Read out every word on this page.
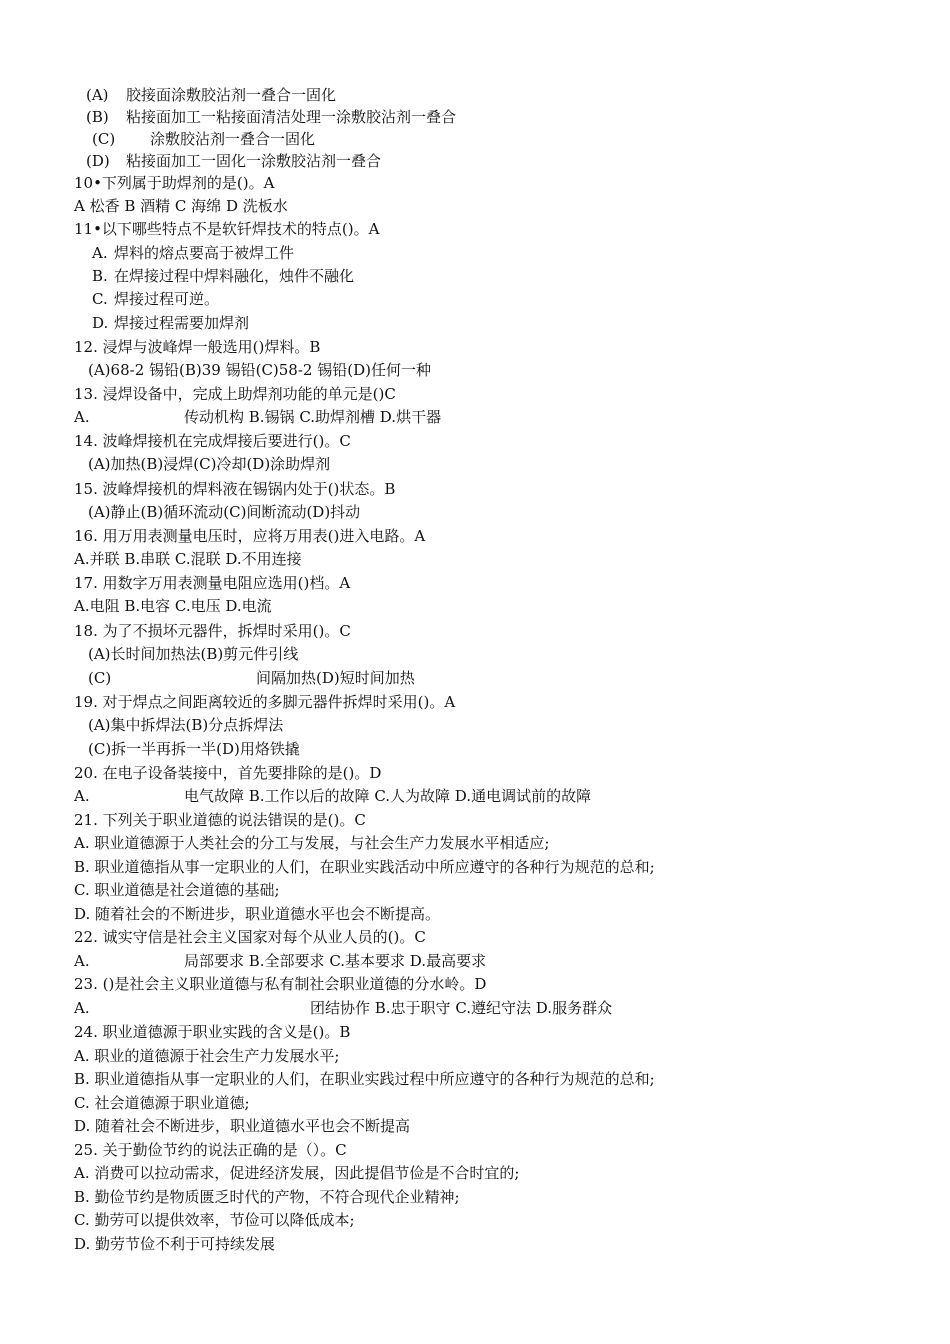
(A) 胶接面涂敷胶沾剂一叠合一固化
(B) 粘接面加工一粘接面清洁处理一涂敷胶沾剂一叠合
(C) 涂敷胶沾剂一叠合一固化
(D) 粘接面加工一固化一涂敷胶沾剂一叠合
10•下列属于助焊剂的是()。A
A 松香 B 酒精 C 海绵 D 洗板水
11•以下哪些特点不是软钎焊技术的特点()。A
A. 焊料的熔点要高于被焊工件
B. 在焊接过程中焊料融化，烛件不融化
C. 焊接过程可逆。
D. 焊接过程需要加焊剂
12. 浸焊与波峰焊一般选用()焊料。B
(A)68-2 锡铅(B)39 锡铅(C)58-2 锡铅(D)任何一种
13. 浸焊设备中，完成上助焊剂功能的单元是()C
A.	传动机构 B.锡锅 C.助焊剂槽 D.烘干器
14. 波峰焊接机在完成焊接后要进行()。C
(A)加热(B)浸焊(C)冷却(D)涂助焊剂
15. 波峰焊接机的焊料液在锡锅内处于()状态。B
(A)静止(B)循环流动(C)间断流动(D)抖动
16. 用万用表测量电压时，应将万用表()进入电路。A
A.并联 B.串联 C.混联 D.不用连接
17. 用数字万用表测量电阻应选用()档。A
A.电阻 B.电容 C.电压 D.电流
18. 为了不损坏元器件，拆焊时采用()。C
(A)长时间加热法(B)剪元件引线
(C)	间隔加热(D)短时间加热
19. 对于焊点之间距离较近的多脚元器件拆焊时采用()。A
(A)集中拆焊法(B)分点拆焊法
(C)拆一半再拆一半(D)用烙铁撬
20. 在电子设备装接中，首先要排除的是()。D
A.	电气故障 B.工作以后的故障 C.人为故障 D.通电调试前的故障
21. 下列关于职业道德的说法错误的是()。C
A. 职业道德源于人类社会的分工与发展，与社会生产力发展水平相适应;
B. 职业道德指从事一定职业的人们，在职业实践活动中所应遵守的各种行为规范的总和;
C. 职业道德是社会道德的基础;
D. 随着社会的不断进步，职业道德水平也会不断提高。
22. 诚实守信是社会主义国家对每个从业人员的()。C
A.	局部要求 B.全部要求 C.基本要求 D.最高要求
23. ()是社会主义职业道德与私有制社会职业道德的分水岭。D
A.	团结协作 B.忠于职守 C.遵纪守法 D.服务群众
24. 职业道德源于职业实践的含义是()。B
A. 职业的道德源于社会生产力发展水平;
B. 职业道德指从事一定职业的人们，在职业实践过程中所应遵守的各种行为规范的总和;
C. 社会道德源于职业道德;
D. 随着社会不断进步，职业道德水平也会不断提高
25. 关于勤俭节约的说法正确的是（）。C
A. 消费可以拉动需求，促进经济发展，因此提倡节俭是不合时宜的;
B. 勤俭节约是物质匮乏时代的产物，不符合现代企业精神;
C. 勤劳可以提供效率，节俭可以降低成本;
D. 勤劳节俭不利于可持续发展
